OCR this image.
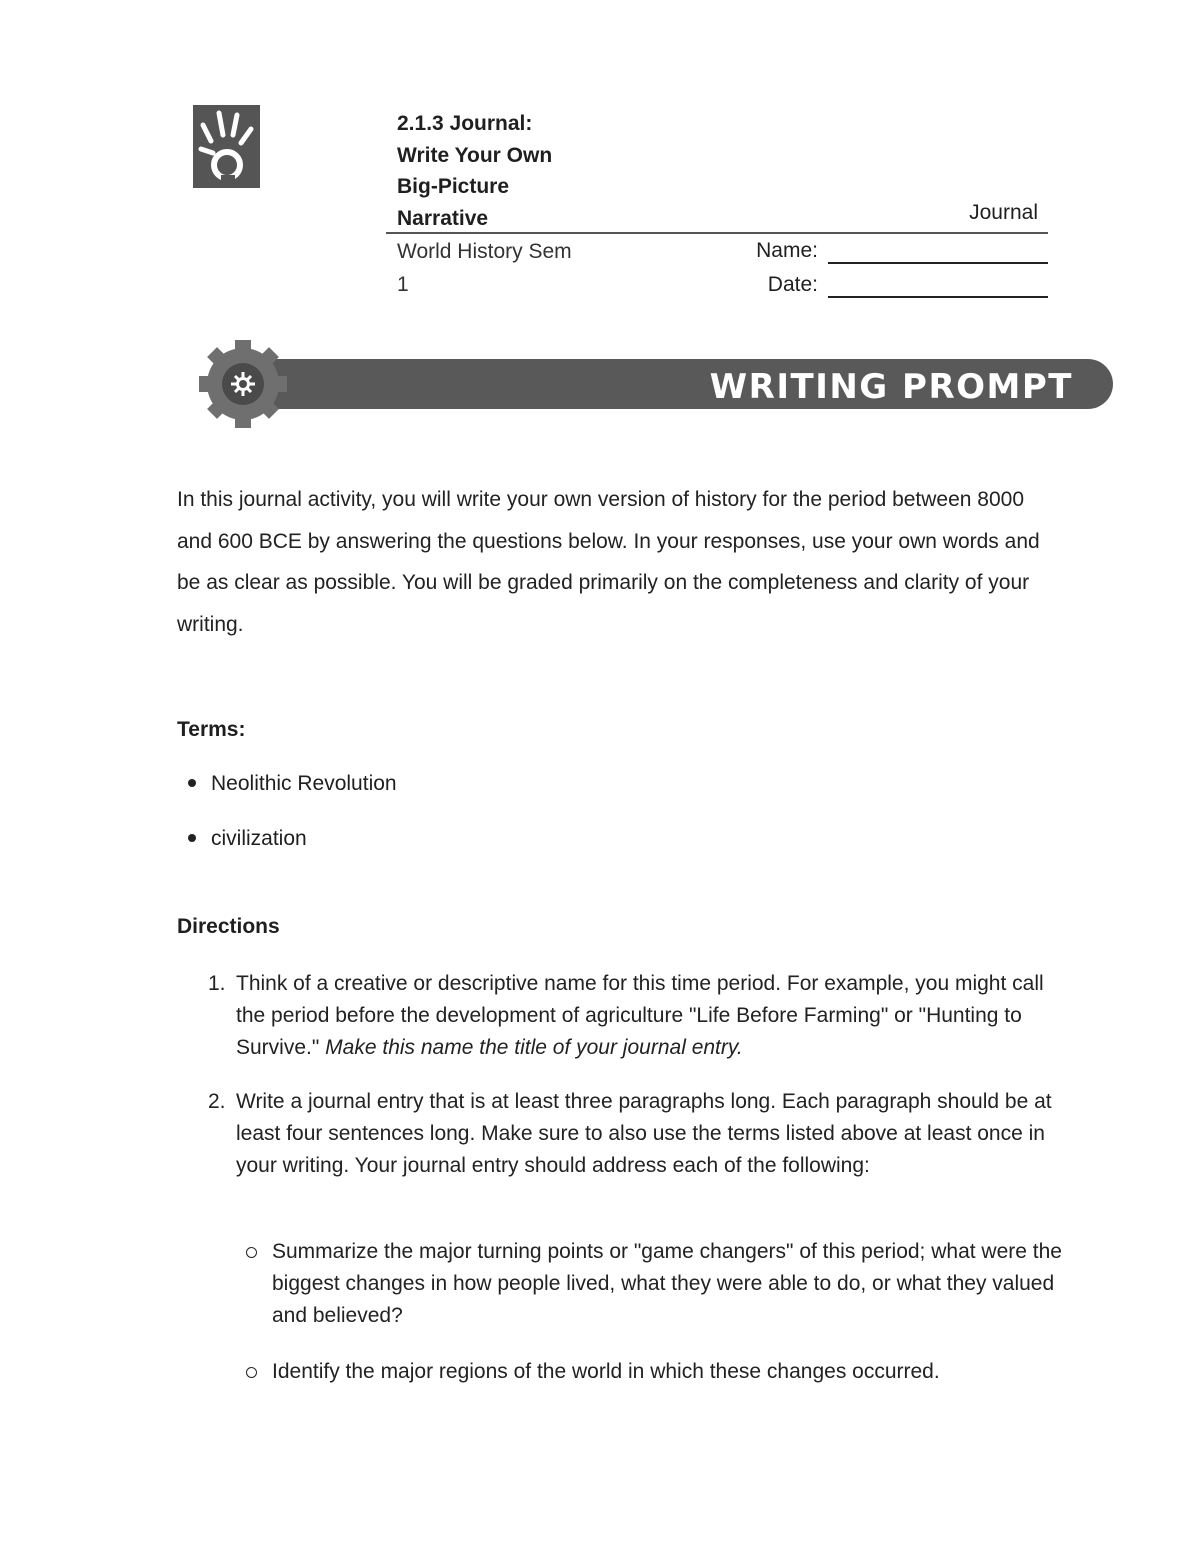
2.1.3 Journal:
Write Your Own
Big-Picture
Narrative	Journal
World History Sem
1
Name:
Date:
WRITING PROMPT
In this journal activity, you will write your own version of history for the period between 8000 and 600 BCE by answering the questions below. In your responses, use your own words and be as clear as possible. You will be graded primarily on the completeness and clarity of your writing.
Terms:
Neolithic Revolution
civilization
Directions
1. Think of a creative or descriptive name for this time period. For example, you might call the period before the development of agriculture "Life Before Farming" or "Hunting to Survive." Make this name the title of your journal entry.
2. Write a journal entry that is at least three paragraphs long. Each paragraph should be at least four sentences long. Make sure to also use the terms listed above at least once in your writing. Your journal entry should address each of the following:
Summarize the major turning points or "game changers" of this period; what were the biggest changes in how people lived, what they were able to do, or what they valued and believed?
Identify the major regions of the world in which these changes occurred.
